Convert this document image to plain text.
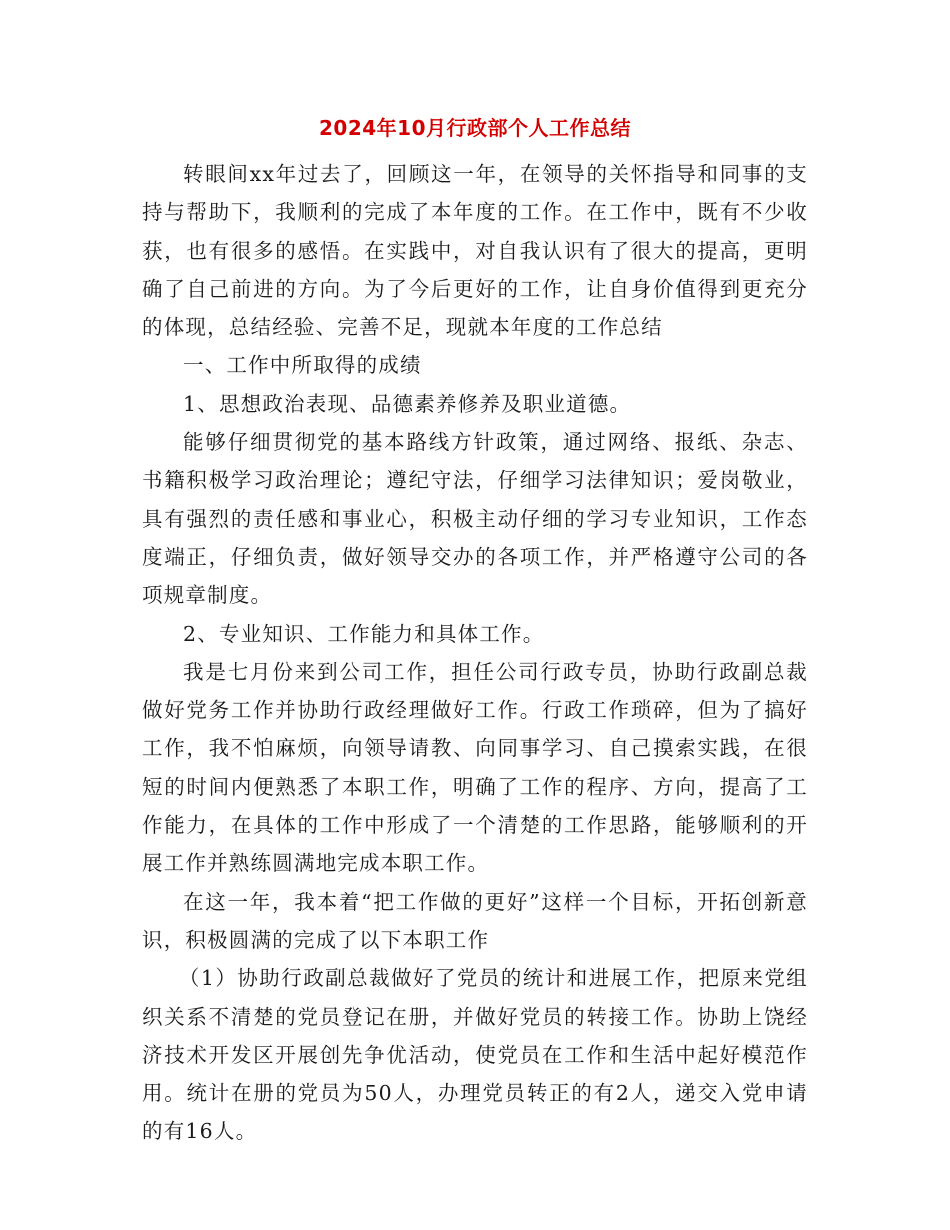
2024年10月行政部个人工作总结

转眼间xx年过去了，回顾这一年，在领导的关怀指导和同事的支持与帮助下，我顺利的完成了本年度的工作。在工作中，既有不少收获，也有很多的感悟。在实践中，对自我认识有了很大的提高，更明确了自己前进的方向。为了今后更好的工作，让自身价值得到更充分的体现，总结经验、完善不足，现就本年度的工作总结

一、工作中所取得的成绩

1、思想政治表现、品德素养修养及职业道德。

能够仔细贯彻党的基本路线方针政策，通过网络、报纸、杂志、书籍积极学习政治理论；遵纪守法，仔细学习法律知识；爱岗敬业，具有强烈的责任感和事业心，积极主动仔细的学习专业知识，工作态度端正，仔细负责，做好领导交办的各项工作，并严格遵守公司的各项规章制度。

2、专业知识、工作能力和具体工作。

我是七月份来到公司工作，担任公司行政专员，协助行政副总裁做好党务工作并协助行政经理做好工作。行政工作琐碎，但为了搞好工作，我不怕麻烦，向领导请教、向同事学习、自己摸索实践，在很短的时间内便熟悉了本职工作，明确了工作的程序、方向，提高了工作能力，在具体的工作中形成了一个清楚的工作思路，能够顺利的开展工作并熟练圆满地完成本职工作。

在这一年，我本着“把工作做的更好”这样一个目标，开拓创新意识，积极圆满的完成了以下本职工作

（1）协助行政副总裁做好了党员的统计和进展工作，把原来党组织关系不清楚的党员登记在册，并做好党员的转接工作。协助上饶经济技术开发区开展创先争优活动，使党员在工作和生活中起好模范作用。统计在册的党员为50人，办理党员转正的有2人，递交入党申请的有16人。
